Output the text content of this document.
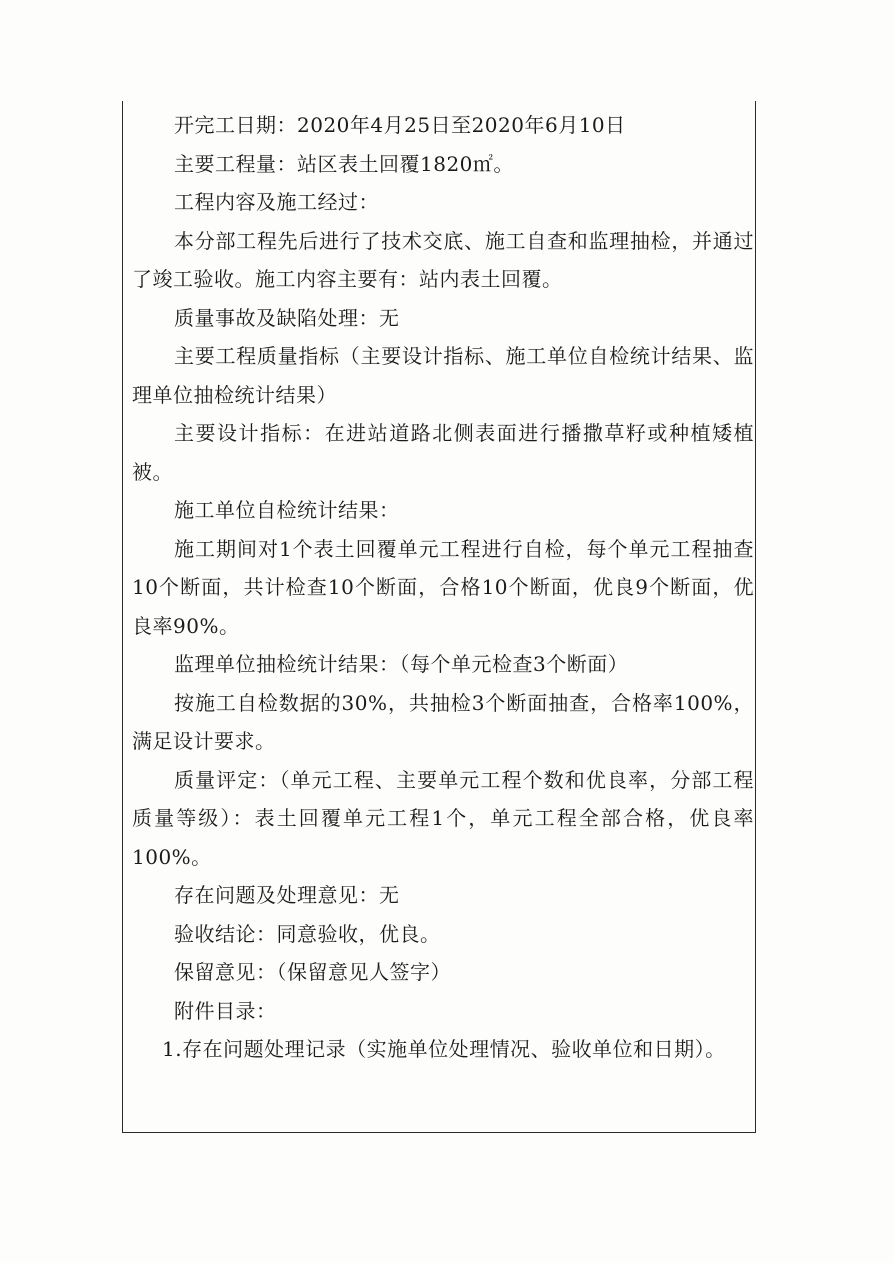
开完工日期：2020年4月25日至2020年6月10日

主要工程量：站区表土回覆1820㎡。

工程内容及施工经过：

本分部工程先后进行了技术交底、施工自查和监理抽检，并通过了竣工验收。施工内容主要有：站内表土回覆。

质量事故及缺陷处理：无

主要工程质量指标（主要设计指标、施工单位自检统计结果、监理单位抽检统计结果）

主要设计指标：在进站道路北侧表面进行播撒草籽或种植矮植被。

施工单位自检统计结果：

施工期间对1个表土回覆单元工程进行自检，每个单元工程抽查10个断面，共计检查10个断面，合格10个断面，优良9个断面，优良率90%。

监理单位抽检统计结果：（每个单元检查3个断面）

按施工自检数据的30%，共抽检3个断面抽查，合格率100%，满足设计要求。

质量评定：（单元工程、主要单元工程个数和优良率，分部工程质量等级）：表土回覆单元工程1个，单元工程全部合格，优良率100%。

存在问题及处理意见：无

验收结论：同意验收，优良。

保留意见：（保留意见人签字）

附件目录：

1.存在问题处理记录（实施单位处理情况、验收单位和日期）。
